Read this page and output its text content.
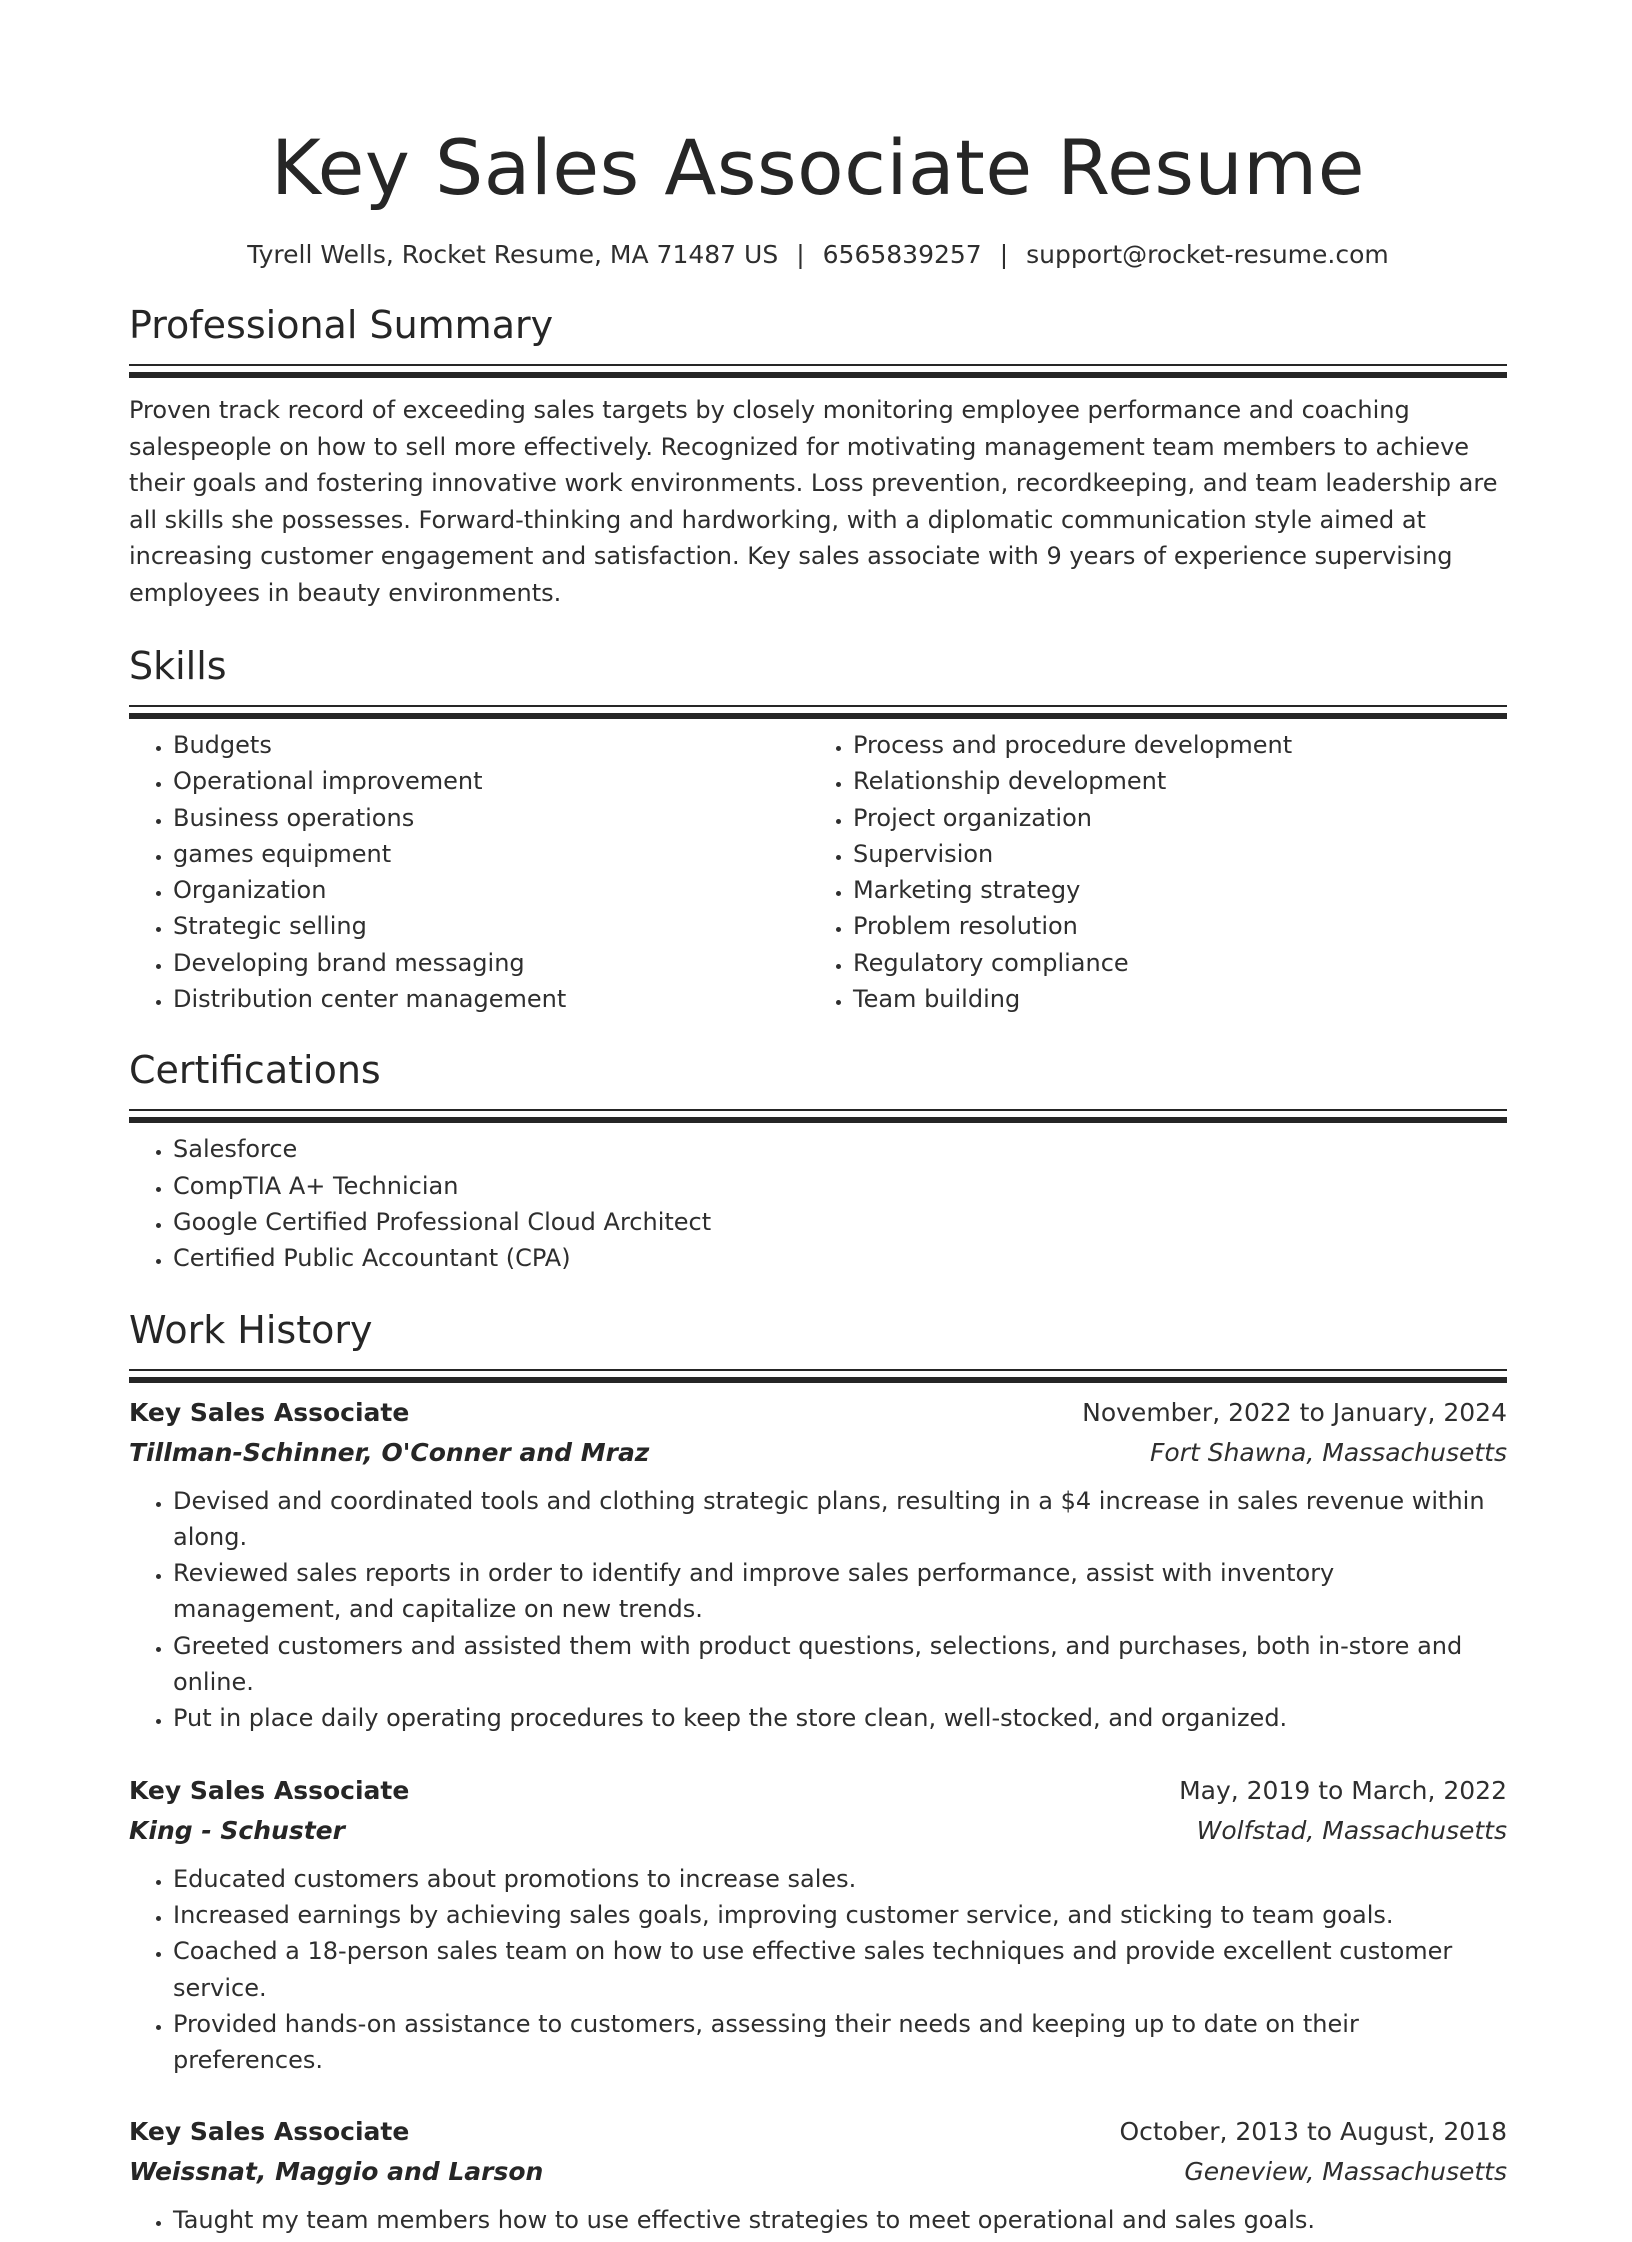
Key Sales Associate Resume
Tyrell Wells, Rocket Resume, MA 71487 US | 6565839257 | support@rocket-resume.com
Professional Summary

Proven track record of exceeding sales targets by closely monitoring employee performance and coaching salespeople on how to sell more effectively. Recognized for motivating management team members to achieve their goals and fostering innovative work environments. Loss prevention, recordkeeping, and team leadership are all skills she possesses. Forward-thinking and hardworking, with a diplomatic communication style aimed at increasing customer engagement and satisfaction. Key sales associate with 9 years of experience supervising employees in beauty environments.

Skills
• Budgets
• Operational improvement
• Business operations
• games equipment
• Organization
• Strategic selling
• Developing brand messaging
• Distribution center management
• Process and procedure development
• Relationship development
• Project organization
• Supervision
• Marketing strategy
• Problem resolution
• Regulatory compliance
• Team building
Certifications
• Salesforce
• CompTIA A+ Technician
• Google Certified Professional Cloud Architect
• Certified Public Accountant (CPA)
Work History
Key Sales Associate	November, 2022 to January, 2024
Tillman-Schinner, O'Conner and Mraz	Fort Shawna, Massachusetts
• Devised and coordinated tools and clothing strategic plans, resulting in a $4 increase in sales revenue within along.
• Reviewed sales reports in order to identify and improve sales performance, assist with inventory management, and capitalize on new trends.
• Greeted customers and assisted them with product questions, selections, and purchases, both in-store and online.
• Put in place daily operating procedures to keep the store clean, well-stocked, and organized.
Key Sales Associate	May, 2019 to March, 2022
King - Schuster	Wolfstad, Massachusetts
• Educated customers about promotions to increase sales.
• Increased earnings by achieving sales goals, improving customer service, and sticking to team goals.
• Coached a 18-person sales team on how to use effective sales techniques and provide excellent customer service.
• Provided hands-on assistance to customers, assessing their needs and keeping up to date on their preferences.
Key Sales Associate	October, 2013 to August, 2018
Weissnat, Maggio and Larson	Geneview, Massachusetts
• Taught my team members how to use effective strategies to meet operational and sales goals.
